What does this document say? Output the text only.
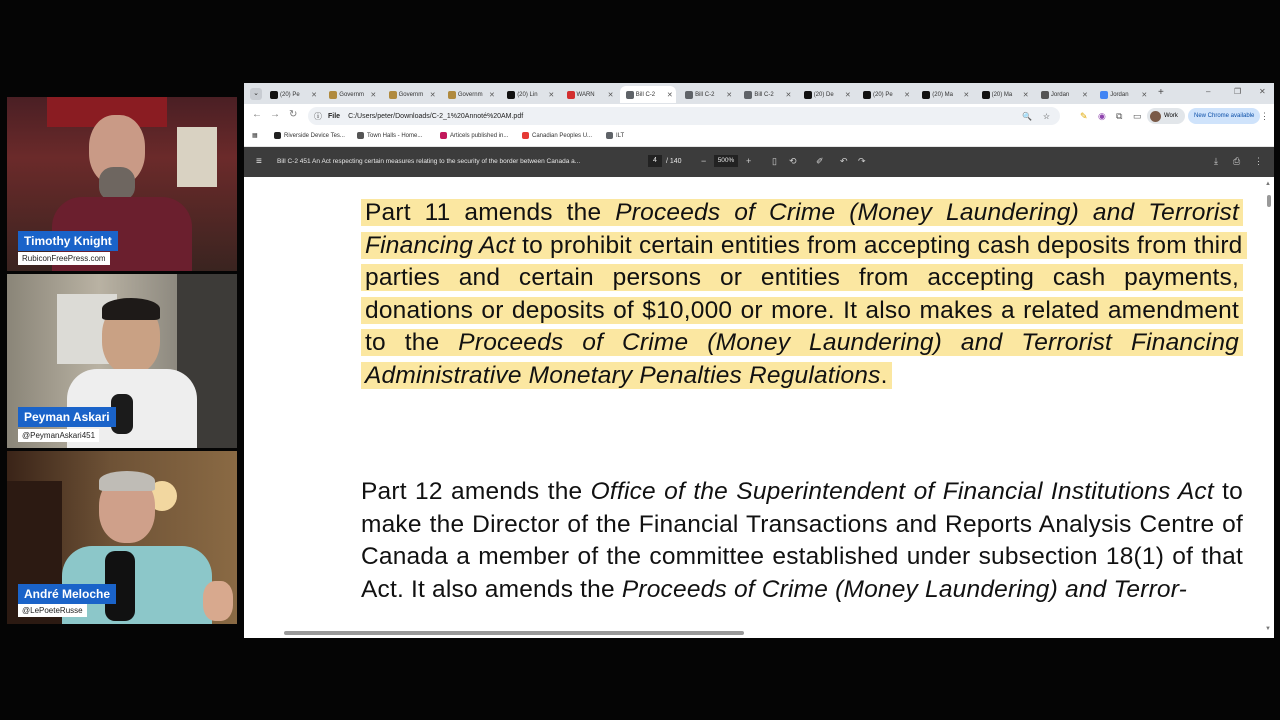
Timothy Knight
RubiconFreePress.com
Peyman Askari
@PeymanAskari451
André Meloche
@LePoeteRusse
⌄	(20) Pe ✕	Governm ✕	Governm ✕	Governm ✕	(20) Lin ✕	WARN ✕	Bill C-2 ✕	Bill C-2 ✕	Bill C-2 ✕	(20) De ✕	(20) Pe ✕	(20) Ma ✕	(20) Ma ✕	Jordan ✕	Jordan ✕ +	–	❐ ✕
← → ↻ ⓘ File C:/Users/peter/Downloads/C-2_1%20Annoté%20AM.pdf	🔍 ☆	✎ ◉ ⧉ ▭	Work	New Chrome available ⋮
▦	Riverside Device Tes...	Town Halls - Home...	Articels published in...	Canadian Peoples U...	ILT
≡ Bill C-2 451 An Act respecting certain measures relating to the security of the border between Canada a...	4	/ 140 −	500%	+ ▯ ⟲ ✐ ↶ ↷	⤓ ⎙ ⋮
Part 11 amends the Proceeds of Crime (Money Laundering) and Terrorist Financing Act to prohibit certain entities from accepting cash deposits from third parties and certain persons or entities from accepting cash payments, donations or deposits of $10,000 or more. It also makes a related amendment to the Proceeds of Crime (Money Laundering) and Terrorist Financing Administrative Monetary Penalties Regulations.
Part 12 amends the Office of the Superintendent of Financial Institutions Act to make the Director of the Financial Transactions and Reports Analysis Centre of Canada a member of the committee established under subsection 18(1) of that Act. It also amends the Proceeds of Crime (Money Laundering) and Terror-
▲
▼
